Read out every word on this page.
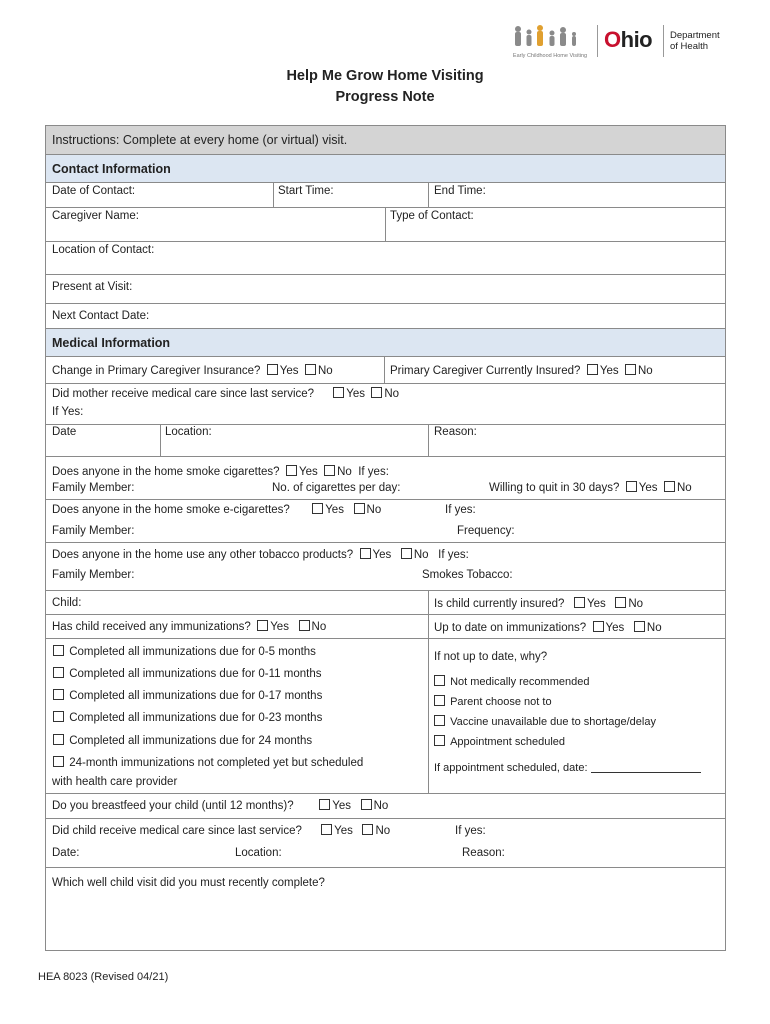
Early Childhood Home Visiting
Ohio Department
of Health
Help Me Grow Home Visiting
Progress Note
Instructions: Complete at every home (or virtual) visit.
Contact Information
Date of Contact:	Start Time:	End Time:
Caregiver Name:	Type of Contact:
Location of Contact:
Present at Visit:
Next Contact Date:
Medical Information
Change in Primary Caregiver Insurance? Yes No	Primary Caregiver Currently Insured? Yes No
Did mother receive medical care since last service?	Yes No
If Yes:
Date	Location:	Reason:
Does anyone in the home smoke cigarettes? Yes No If yes:
Family Member:	No. of cigarettes per day:	Willing to quit in 30 days? Yes No
Does anyone in the home smoke e-cigarettes?	Yes No	If yes:
Family Member:	Frequency:
Does anyone in the home use any other tobacco products? Yes No If yes:
Family Member:	Smokes Tobacco:
Child:	Is child currently insured? Yes No
Has child received any immunizations? Yes No	Up to date on immunizations? Yes No
Completed all immunizations due for 0-5 months
Completed all immunizations due for 0-11 months
Completed all immunizations due for 0-17 months
Completed all immunizations due for 0-23 months
Completed all immunizations due for 24 months
24-month immunizations not completed yet but scheduled
with health care provider
If not up to date, why?
Not medically recommended
Parent choose not to
Vaccine unavailable due to shortage/delay
Appointment scheduled
If appointment scheduled, date:
Do you breastfeed your child (until 12 months)?	Yes No
Did child receive medical care since last service?	Yes No	If yes:
Date:	Location:	Reason:
Which well child visit did you must recently complete?
HEA 8023 (Revised 04/21)
